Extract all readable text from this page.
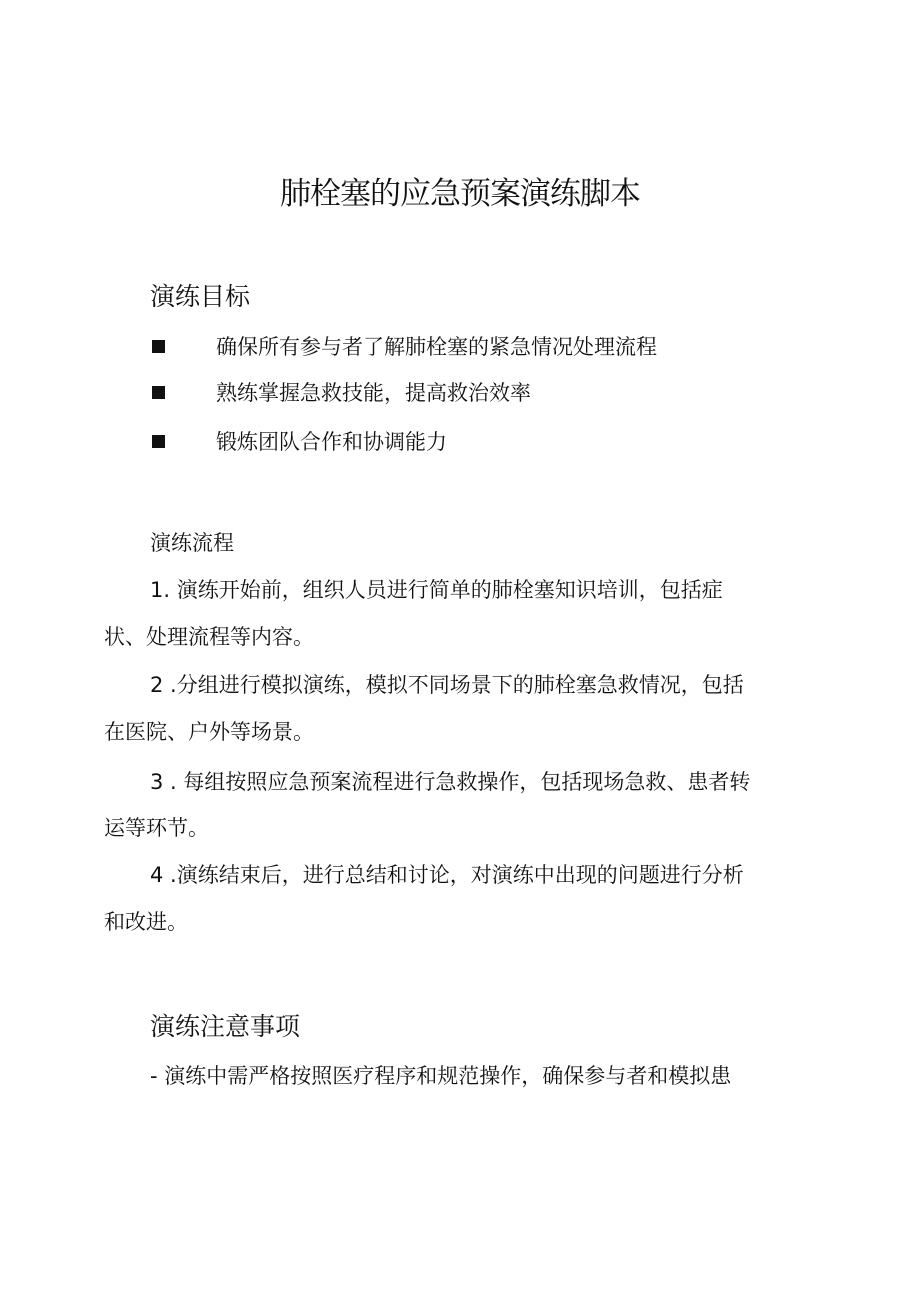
肺栓塞的应急预案演练脚本
演练目标
确保所有参与者了解肺栓塞的紧急情况处理流程
熟练掌握急救技能，提高救治效率
锻炼团队合作和协调能力
演练流程

1. 演练开始前，组织人员进行简单的肺栓塞知识培训，包括症

状、处理流程等内容。

2 .分组进行模拟演练，模拟不同场景下的肺栓塞急救情况，包括

在医院、户外等场景。

3 . 每组按照应急预案流程进行急救操作，包括现场急救、患者转

运等环节。

4 .演练结束后，进行总结和讨论，对演练中出现的问题进行分析

和改进。

演练注意事项

- 演练中需严格按照医疗程序和规范操作，确保参与者和模拟患
